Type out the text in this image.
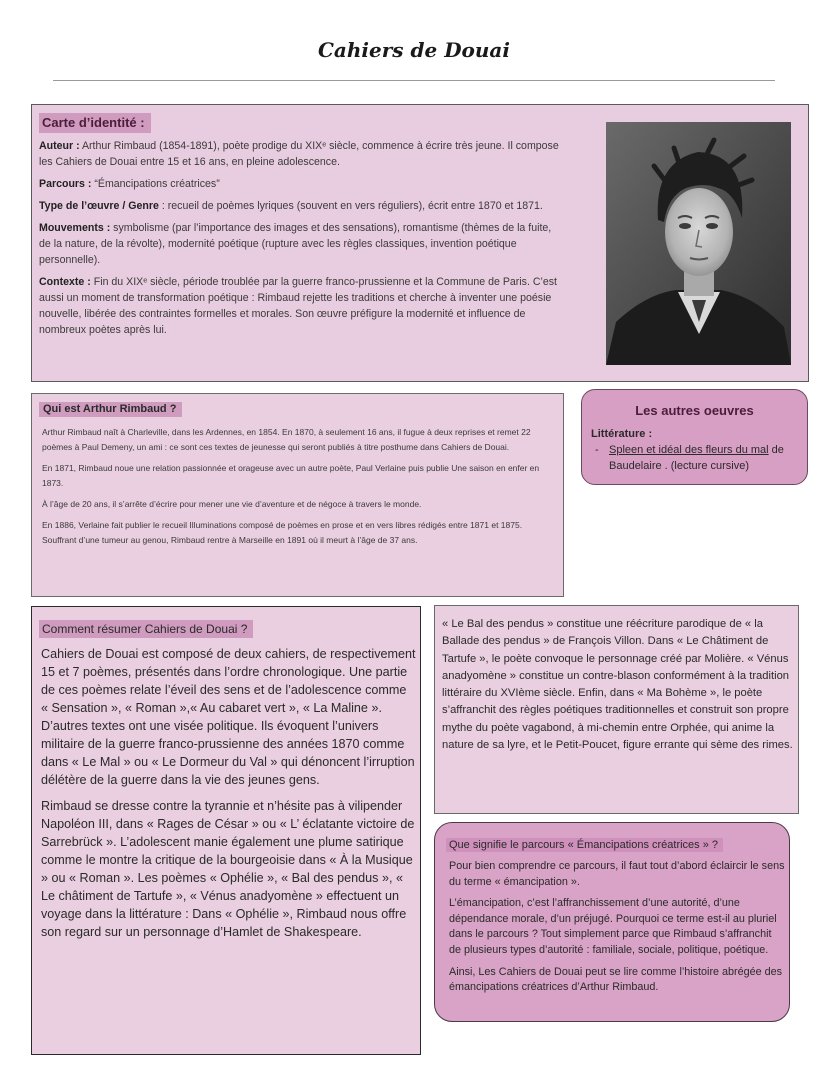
Cahiers de Douai
Carte d’identité :

Auteur : Arthur Rimbaud (1854-1891), poète prodige du XIXᵉ siècle, commence à écrire très jeune. Il compose les Cahiers de Douai entre 15 et 16 ans, en pleine adolescence.

Parcours : “Émancipations créatrices”

Type de l’œuvre / Genre : recueil de poèmes lyriques (souvent en vers réguliers), écrit entre 1870 et 1871.

Mouvements : symbolisme (par l’importance des images et des sensations), romantisme (thèmes de la fuite, de la nature, de la révolte), modernité poétique (rupture avec les règles classiques, invention poétique personnelle).

Contexte : Fin du XIXᵉ siècle, période troublée par la guerre franco-prussienne et la Commune de Paris. C’est aussi un moment de transformation poétique : Rimbaud rejette les traditions et cherche à inventer une poésie nouvelle, libérée des contraintes formelles et morales. Son œuvre préfigure la modernité et influence de nombreux poètes après lui.

Qui est Arthur Rimbaud ?

Arthur Rimbaud naît à Charleville, dans les Ardennes, en 1854. En 1870, à seulement 16 ans, il fugue à deux reprises et remet 22 poèmes à Paul Demeny, un ami : ce sont ces textes de jeunesse qui seront publiés à titre posthume dans Cahiers de Douai.

En 1871, Rimbaud noue une relation passionnée et orageuse avec un autre poète, Paul Verlaine puis publie Une saison en enfer en 1873.

À l’âge de 20 ans, il s’arrête d’écrire pour mener une vie d’aventure et de négoce à travers le monde.

En 1886, Verlaine fait publier le recueil Illuminations composé de poèmes en prose et en vers libres rédigés entre 1871 et 1875. Souffrant d’une tumeur au genou, Rimbaud rentre à Marseille en 1891 où il meurt à l’âge de 37 ans.

Les autres oeuvres
Littérature :
- Spleen et idéal des fleurs du mal de Baudelaire . (lecture cursive)
Comment résumer Cahiers de Douai ?

Cahiers de Douai est composé de deux cahiers, de respectivement 15 et 7 poèmes, présentés dans l’ordre chronologique. Une partie de ces poèmes relate l’éveil des sens et de l’adolescence comme « Sensation », « Roman »,« Au cabaret vert », « La Maline ». D’autres textes ont une visée politique. Ils évoquent l’univers militaire de la guerre franco-prussienne des années 1870 comme dans « Le Mal » ou « Le Dormeur du Val » qui dénoncent l’irruption délétère de la guerre dans la vie des jeunes gens.

Rimbaud se dresse contre la tyrannie et n’hésite pas à vilipender Napoléon III, dans « Rages de César » ou « L’ éclatante victoire de Sarrebrück ». L’adolescent manie également une plume satirique comme le montre la critique de la bourgeoisie dans « À la Musique » ou « Roman ». Les poèmes « Ophélie », « Bal des pendus », « Le châtiment de Tartufe », « Vénus anadyomène » effectuent un voyage dans la littérature : Dans « Ophélie », Rimbaud nous offre son regard sur un personnage d’Hamlet de Shakespeare.

« Le Bal des pendus » constitue une réécriture parodique de « la Ballade des pendus » de François Villon. Dans « Le Châtiment de Tartufe », le poète convoque le personnage créé par Molière. « Vénus anadyomène » constitue un contre-blason conformément à la tradition littéraire du XVIème siècle. Enfin, dans « Ma Bohème », le poète s’affranchit des règles poétiques traditionnelles et construit son propre mythe du poète vagabond, à mi-chemin entre Orphée, qui anime la nature de sa lyre, et le Petit-Poucet, figure errante qui sème des rimes.
Que signifie le parcours « Émancipations créatrices » ?

Pour bien comprendre ce parcours, il faut tout d’abord éclaircir le sens du terme « émancipation ».

L’émancipation, c’est l’affranchissement d’une autorité, d’une dépendance morale, d’un préjugé. Pourquoi ce terme est-il au pluriel dans le parcours ? Tout simplement parce que Rimbaud s’affranchit de plusieurs types d’autorité : familiale, sociale, politique, poétique.

Ainsi, Les Cahiers de Douai peut se lire comme l’histoire abrégée des émancipations créatrices d’Arthur Rimbaud.
